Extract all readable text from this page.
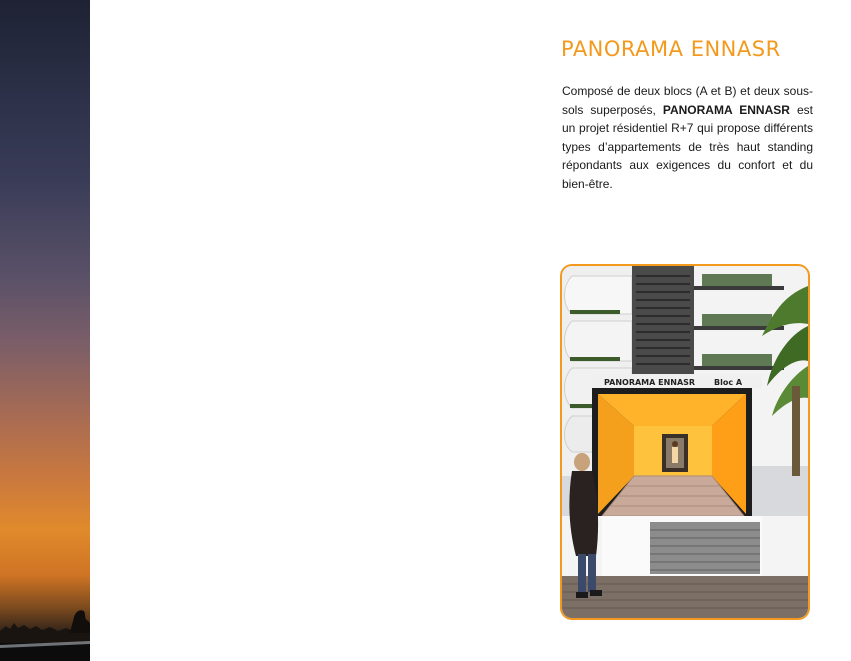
PANORAMA ENNASR

Composé de deux blocs (A et B) et deux sous-sols superposés, PANORAMA ENNASR est un projet résidentiel R+7 qui propose différents types d’appartements de très haut standing répondants aux exigences du confort et du bien-être.

PANORAMA ENNASR Bloc A
